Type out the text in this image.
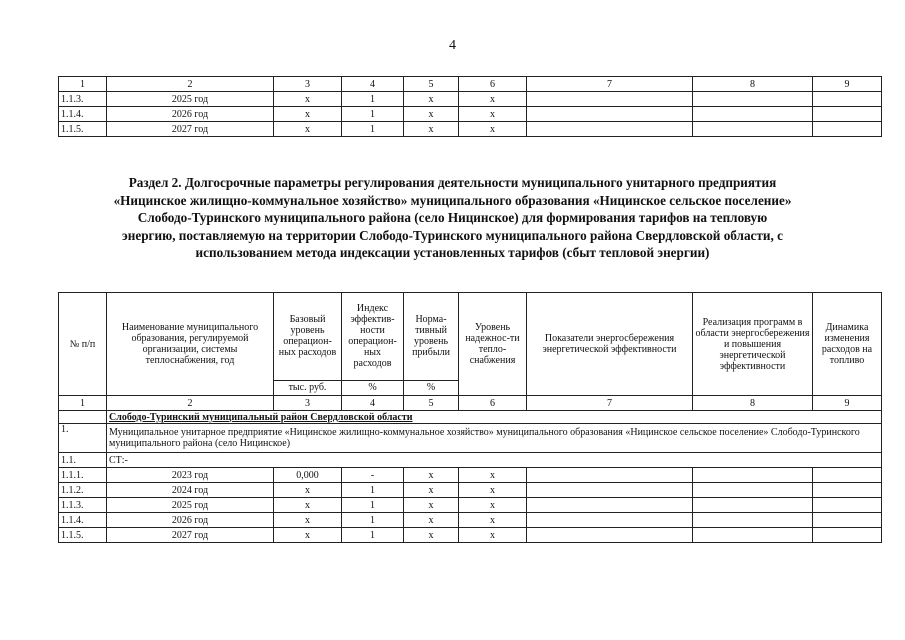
4
1	2	3	4	5	6	7	8	9
1.1.3.	2025 год	х	1	х	х			
1.1.4.	2026 год	х	1	х	х			
1.1.5.	2027 год	х	1	х	х			
Раздел 2. Долгосрочные параметры регулирования деятельности муниципального унитарного предприятия
«Ницинское жилищно-коммунальное хозяйство» муниципального образования «Ницинское сельское поселение»
Слободо-Туринского муниципального района (село Ницинское) для формирования тарифов на тепловую
энергию, поставляемую на территории Слободо-Туринского муниципального района Свердловской области, с
использованием метода индексации установленных тарифов (сбыт тепловой энергии)
№ п/п	Наименование муниципального образования, регулируемой организации, системы теплоснабжения, год	Базовый уровень операцион-ных расходов	Индекс эффектив-ности операцион-ных расходов	Норма-тивный уровень прибыли	Уровень надежнос-ти тепло-снабжения	Показатели энергосбережения энергетической эффективности	Реализация программ в области энергосбережения и повышения энергетической эффективности	Динамика изменения расходов на топливо
		тыс. руб.	%	%				
1	2	3	4	5	6	7	8	9
	Слободо-Туринский муниципальный район Свердловской области							
1.	Муниципальное унитарное предприятие «Ницинское жилищно-коммунальное хозяйство» муниципального образования «Ницинское сельское поселение» Слободо-Туринского муниципального района (село Ницинское)							
1.1.	СТ:-							
1.1.1.	2023 год	0,000	-	х	х			
1.1.2.	2024 год	х	1	х	х			
1.1.3.	2025 год	х	1	х	х			
1.1.4.	2026 год	х	1	х	х			
1.1.5.	2027 год	х	1	х	х			
